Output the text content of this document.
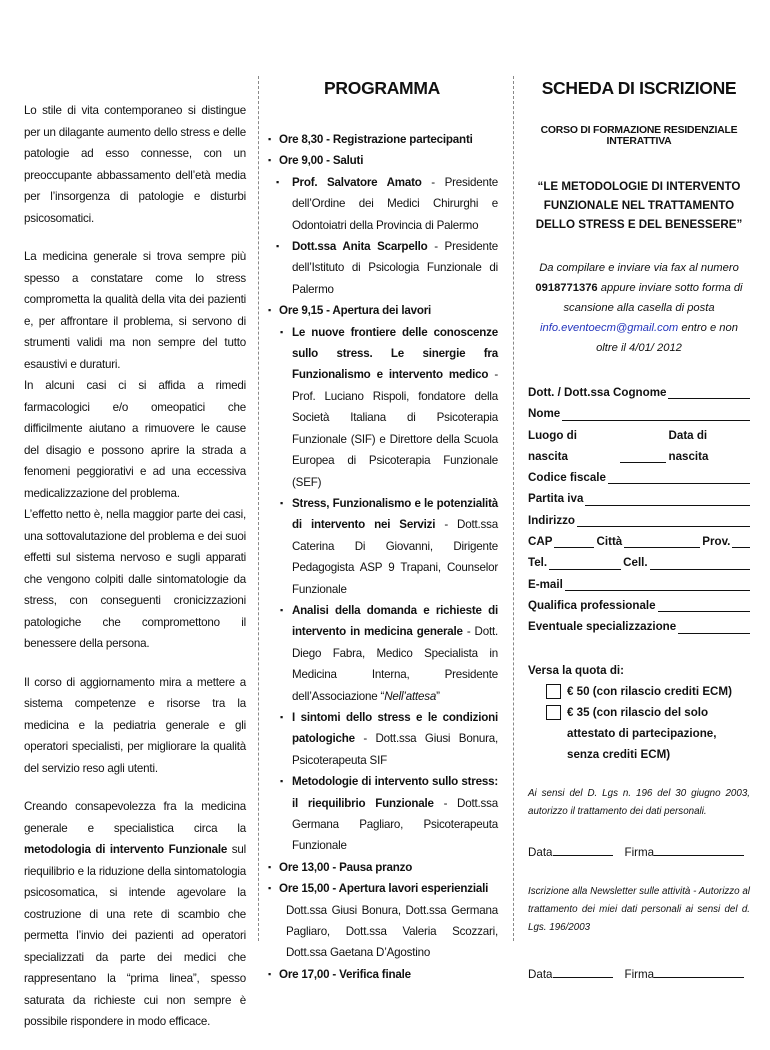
Lo stile di vita contemporaneo si distingue per un dilagante aumento dello stress e delle patologie ad esso connesse, con un preoccupante abbassamento dell’età media per l’insorgenza di patologie e disturbi psicosomatici.

La medicina generale si trova sempre più spesso a constatare come lo stress comprometta la qualità della vita dei pazienti e, per affrontare il problema, si servono di strumenti validi ma non sempre del tutto esaustivi e duraturi.

In alcuni casi ci si affida a rimedi farmacologici e/o omeopatici che difficilmente aiutano a rimuovere le cause del disagio e possono aprire la strada a fenomeni peggiorativi e ad una eccessiva medicalizzazione del problema.

L’effetto netto è, nella maggior parte dei casi, una sottovalutazione del problema e dei suoi effetti sul sistema nervoso e sugli apparati che vengono colpiti dalle sintomatologie da stress, con conseguenti cronicizzazioni patologiche che compromettono il benessere della persona.

Il corso di aggiornamento mira a mettere a sistema competenze e risorse tra la medicina e la pediatria generale e gli operatori specialisti, per migliorare la qualità del servizio reso agli utenti.

Creando consapevolezza fra la medicina generale e specialistica circa la metodologia di intervento Funzionale sul riequilibrio e la riduzione della sintomatologia psicosomatica, si intende agevolare la costruzione di una rete di scambio che permetta l’invio dei pazienti ad operatori specializzati da parte dei medici che rappresentano la “prima linea”, spesso saturata da richieste cui non sempre è possibile rispondere in modo efficace.

PROGRAMMA
▪ Ore 8,30 - Registrazione partecipanti
▪ Ore 9,00 - Saluti
▪ Prof. Salvatore Amato - Presidente dell’Ordine dei Medici Chirurghi e Odontoiatri della Provincia di Palermo
▪ Dott.ssa Anita Scarpello - Presidente dell’Istituto di Psicologia Funzionale di Palermo
▪ Ore 9,15 - Apertura dei lavori
▪ Le nuove frontiere delle conoscenze sullo stress. Le sinergie fra Funzionalismo e intervento medico - Prof. Luciano Rispoli, fondatore della Società Italiana di Psicoterapia Funzionale (SIF) e Direttore della Scuola Europea di Psicoterapia Funzionale (SEF)
▪ Stress, Funzionalismo e le potenzialità di intervento nei Servizi - Dott.ssa Caterina Di Giovanni, Dirigente Pedagogista ASP 9 Trapani, Counselor Funzionale
▪ Analisi della domanda e richieste di intervento in medicina generale - Dott. Diego Fabra, Medico Specialista in Medicina Interna, Presidente dell’Associazione “Nell’attesa”
▪ I sintomi dello stress e le condizioni patologiche - Dott.ssa Giusi Bonura, Psicoterapeuta SIF
▪ Metodologie di intervento sullo stress: il riequilibrio Funzionale - Dott.ssa Germana Pagliaro, Psicoterapeuta Funzionale
▪ Ore 13,00 - Pausa pranzo
▪ Ore 15,00 - Apertura lavori esperienziali
Dott.ssa Giusi Bonura, Dott.ssa Germana Pagliaro, Dott.ssa Valeria Scozzari, Dott.ssa Gaetana D’Agostino
▪ Ore 17,00 - Verifica finale
SCHEDA DI ISCRIZIONE
CORSO DI FORMAZIONE RESIDENZIALE INTERATTIVA
“LE METODOLOGIE DI INTERVENTO FUNZIONALE NEL TRATTAMENTO DELLO STRESS E DEL BENESSERE”
Da compilare e inviare via fax al numero
0918771376 appure inviare sotto forma di scansione alla casella di posta info.eventoecm@gmail.com entro e non oltre il 4/01/ 2012
Dott. / Dott.ssa Cognome
Nome
Luogo di nascita
Data di nascita
Codice fiscale
Partita iva
Indirizzo
CAP	Città	Prov.
Tel.	Cell.
E-mail
Qualifica professionale
Eventuale specializzazione
Versa la quota di:
€ 50 (con rilascio crediti ECM)
€ 35 (con rilascio del solo attestato di partecipazione, senza crediti ECM)
Ai sensi del D. Lgs n. 196 del 30 giugno 2003, autorizzo il trattamento dei dati personali.
Data	Firma
Iscrizione alla Newsletter sulle attività - Autorizzo al trattamento dei miei dati personali ai sensi del d. Lgs. 196/2003
Data	Firma
